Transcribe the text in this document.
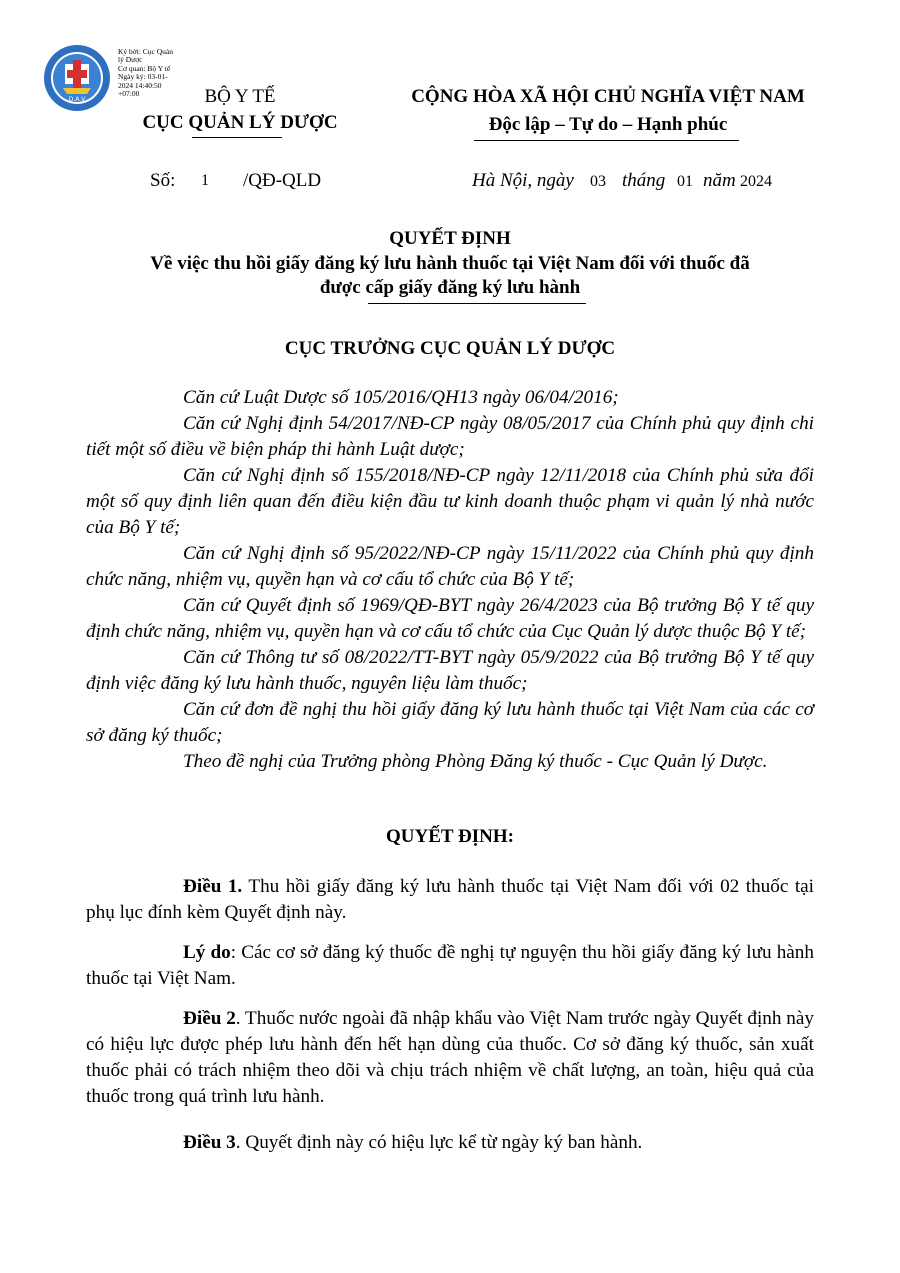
D.A.V
Ký bởi: Cục Quản
lý Dược
Cơ quan: Bộ Y tế
Ngày ký: 03-01-
2024 14:40:50
+07:00	BỘ Y TẾ
CỤC QUẢN LÝ DƯỢC
CỘNG HÒA XÃ HỘI CHỦ NGHĨA VIỆT NAM
Độc lập – Tự do – Hạnh phúc
Số: 1 /QĐ-QLD	Hà Nội, ngày 03 tháng 01 năm 2024
QUYẾT ĐỊNH
Về việc thu hồi giấy đăng ký lưu hành thuốc tại Việt Nam đối với thuốc đã
được cấp giấy đăng ký lưu hành
CỤC TRƯỞNG CỤC QUẢN LÝ DƯỢC
Căn cứ Luật Dược số 105/2016/QH13 ngày 06/04/2016;
Căn cứ Nghị định 54/2017/NĐ-CP ngày 08/05/2017 của Chính phủ quy định chi tiết một số điều về biện pháp thi hành Luật dược;
Căn cứ Nghị định số 155/2018/NĐ-CP ngày 12/11/2018 của Chính phủ sửa đổi một số quy định liên quan đến điều kiện đầu tư kinh doanh thuộc phạm vi quản lý nhà nước của Bộ Y tế;
Căn cứ Nghị định số 95/2022/NĐ-CP ngày 15/11/2022 của Chính phủ quy định chức năng, nhiệm vụ, quyền hạn và cơ cấu tổ chức của Bộ Y tế;
Căn cứ Quyết định số 1969/QĐ-BYT ngày 26/4/2023 của Bộ trưởng Bộ Y tế quy định chức năng, nhiệm vụ, quyền hạn và cơ cấu tổ chức của Cục Quản lý dược thuộc Bộ Y tế;
Căn cứ Thông tư số 08/2022/TT-BYT ngày 05/9/2022 của Bộ trưởng Bộ Y tế quy định việc đăng ký lưu hành thuốc, nguyên liệu làm thuốc;
Căn cứ đơn đề nghị thu hồi giấy đăng ký lưu hành thuốc tại Việt Nam của các cơ sở đăng ký thuốc;
Theo đề nghị của Trưởng phòng Phòng Đăng ký thuốc - Cục Quản lý Dược.
QUYẾT ĐỊNH:
Điều 1. Thu hồi giấy đăng ký lưu hành thuốc tại Việt Nam đối với 02 thuốc tại phụ lục đính kèm Quyết định này.
Lý do: Các cơ sở đăng ký thuốc đề nghị tự nguyện thu hồi giấy đăng ký lưu hành thuốc tại Việt Nam.
Điều 2. Thuốc nước ngoài đã nhập khẩu vào Việt Nam trước ngày Quyết định này có hiệu lực được phép lưu hành đến hết hạn dùng của thuốc. Cơ sở đăng ký thuốc, sản xuất thuốc phải có trách nhiệm theo dõi và chịu trách nhiệm về chất lượng, an toàn, hiệu quả của thuốc trong quá trình lưu hành.
Điều 3. Quyết định này có hiệu lực kể từ ngày ký ban hành.
